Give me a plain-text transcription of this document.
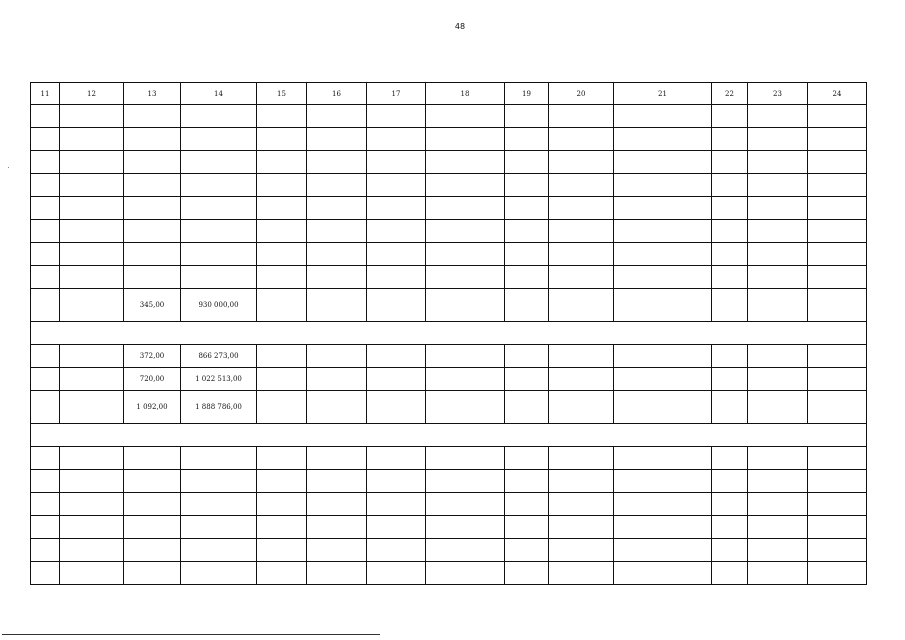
48
11	12	13	14	15	16	17	18	19	20	21	22	23	24

		345,00	930 000,00										

		372,00	866 273,00										
		720,00	1 022 513,00										
		1 092,00	1 888 786,00										
